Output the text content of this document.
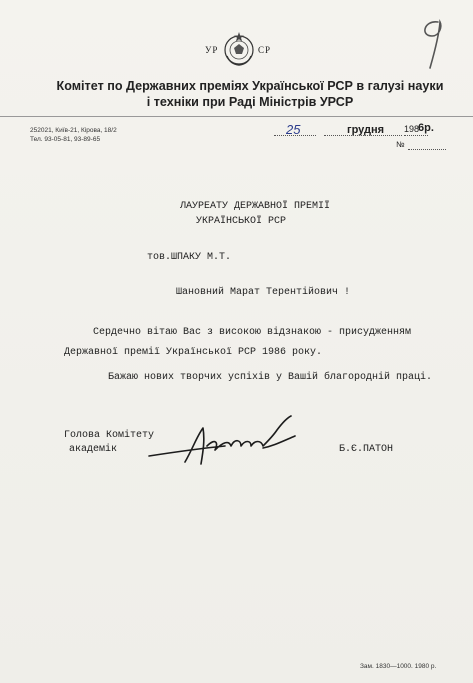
УР	СР
9
Комітет по Державних преміях Української РСР в галузі науки
і техніки при Раді Міністрів УРСР
252021, Київ-21, Кірова, 18/2
Тел. 93-05-81, 93-89-65
25	грудня 198
6р.
№
ЛАУРЕАТУ ДЕРЖАВНОЇ ПРЕМІЇ
УКРАЇНСЬКОЇ РСР
тов.ШПАКУ М.Т.
Шановний Марат Терентійович !
Сердечно вітаю Вас з високою відзнакою - присудженням
Державної премії Української РСР 1986 року.
Бажаю нових творчих успіхів у Вашій благородній праці.
Голова Комітету
академік	Б.Є.ПАТОН
Зам. 1830—1000. 1980 р.
